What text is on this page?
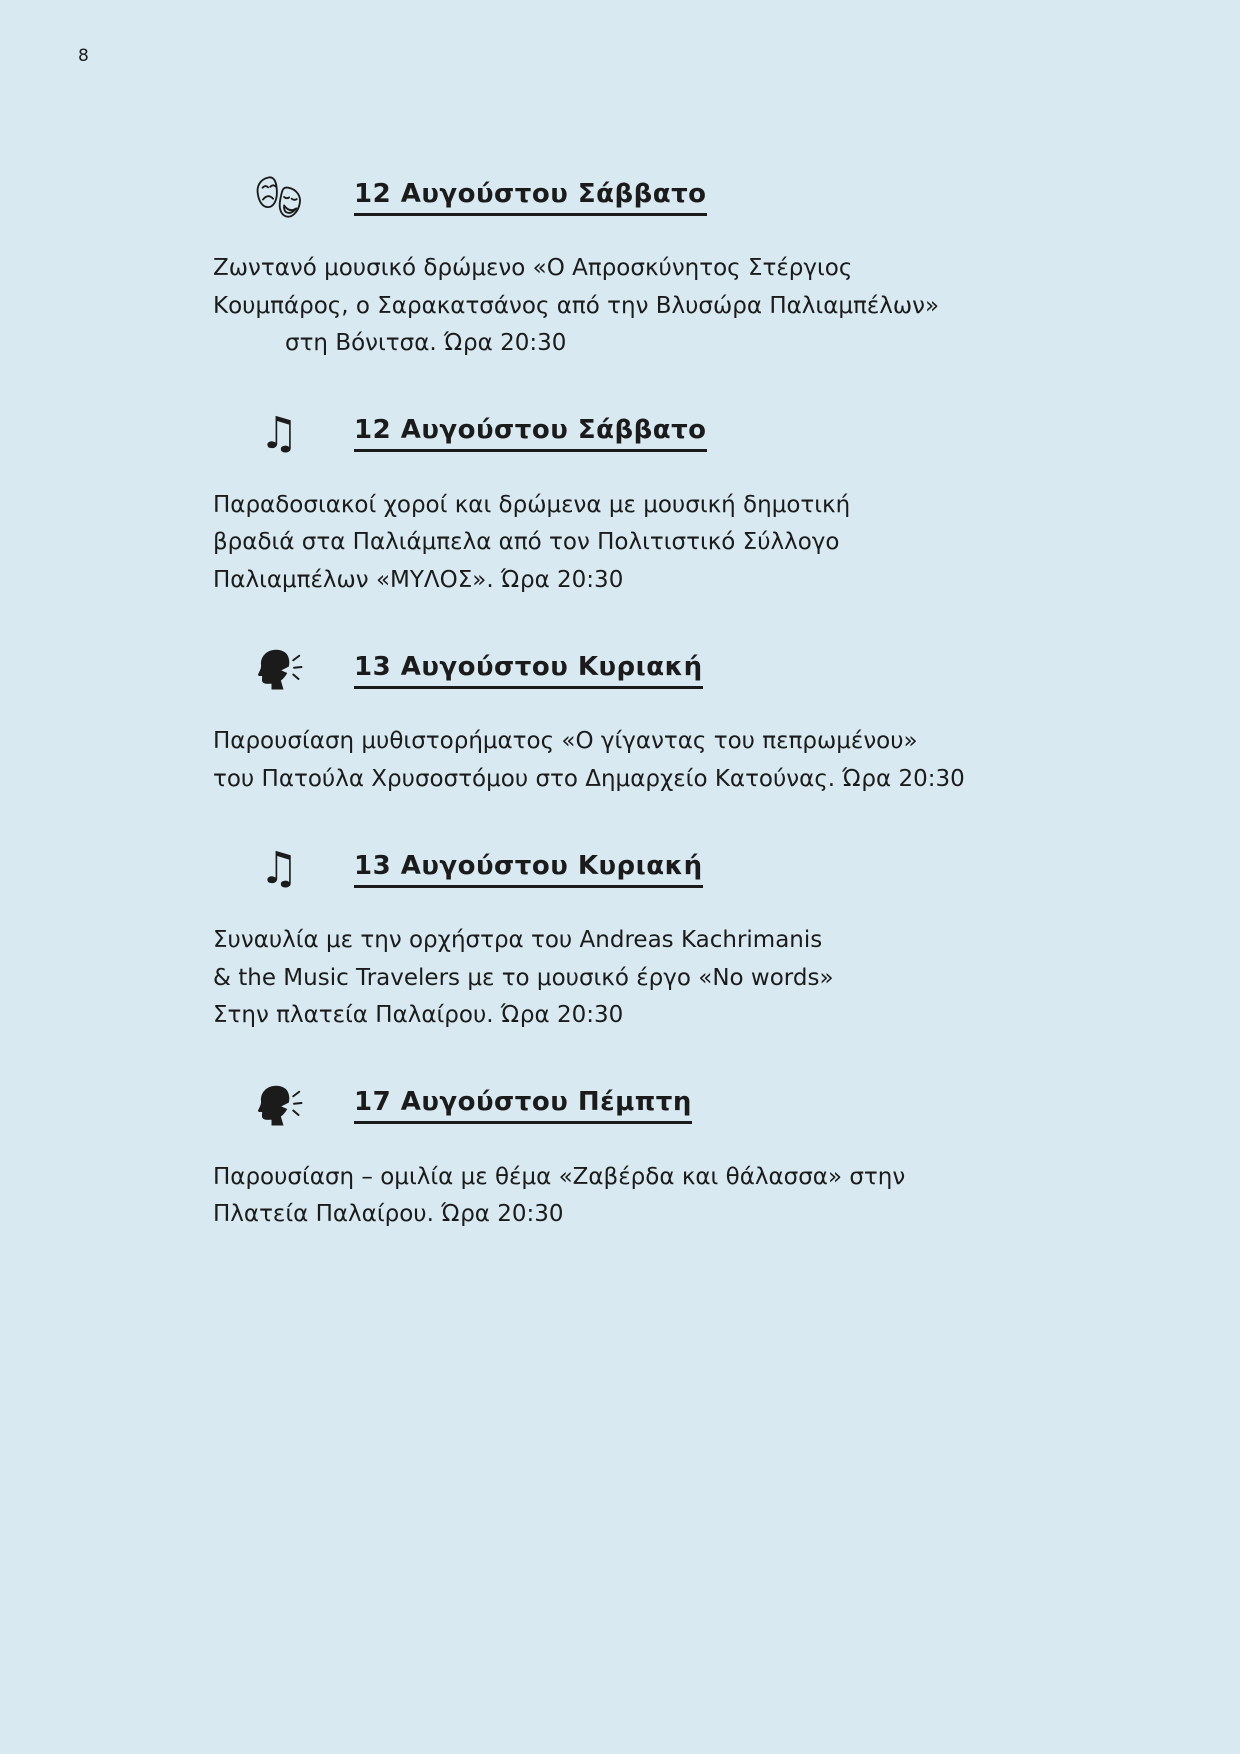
8
12 Αυγούστου Σάββατο
Ζωντανό μουσικό δρώμενο «Ο Απροσκύνητος Στέργιος
Κουμπάρος, ο Σαρακατσάνος από την Βλυσώρα Παλιαμπέλων»
στη Βόνιτσα. Ώρα 20:30
♫ 12 Αυγούστου Σάββατο
Παραδοσιακοί χοροί και δρώμενα με μουσική δημοτική
βραδιά στα Παλιάμπελα από τον Πολιτιστικό Σύλλογο
Παλιαμπέλων «ΜΥΛΟΣ». Ώρα 20:30
13 Αυγούστου Κυριακή
Παρουσίαση μυθιστορήματος «Ο γίγαντας του πεπρωμένου»
του Πατούλα Χρυσοστόμου στο Δημαρχείο Κατούνας. Ώρα 20:30
♫ 13 Αυγούστου Κυριακή
Συναυλία με την ορχήστρα του Andreas Kachrimanis
& the Music Travelers με το μουσικό έργο «No words»
Στην πλατεία Παλαίρου. Ώρα 20:30
17 Αυγούστου Πέμπτη
Παρουσίαση – ομιλία με θέμα «Ζαβέρδα και θάλασσα» στην
Πλατεία Παλαίρου. Ώρα 20:30
